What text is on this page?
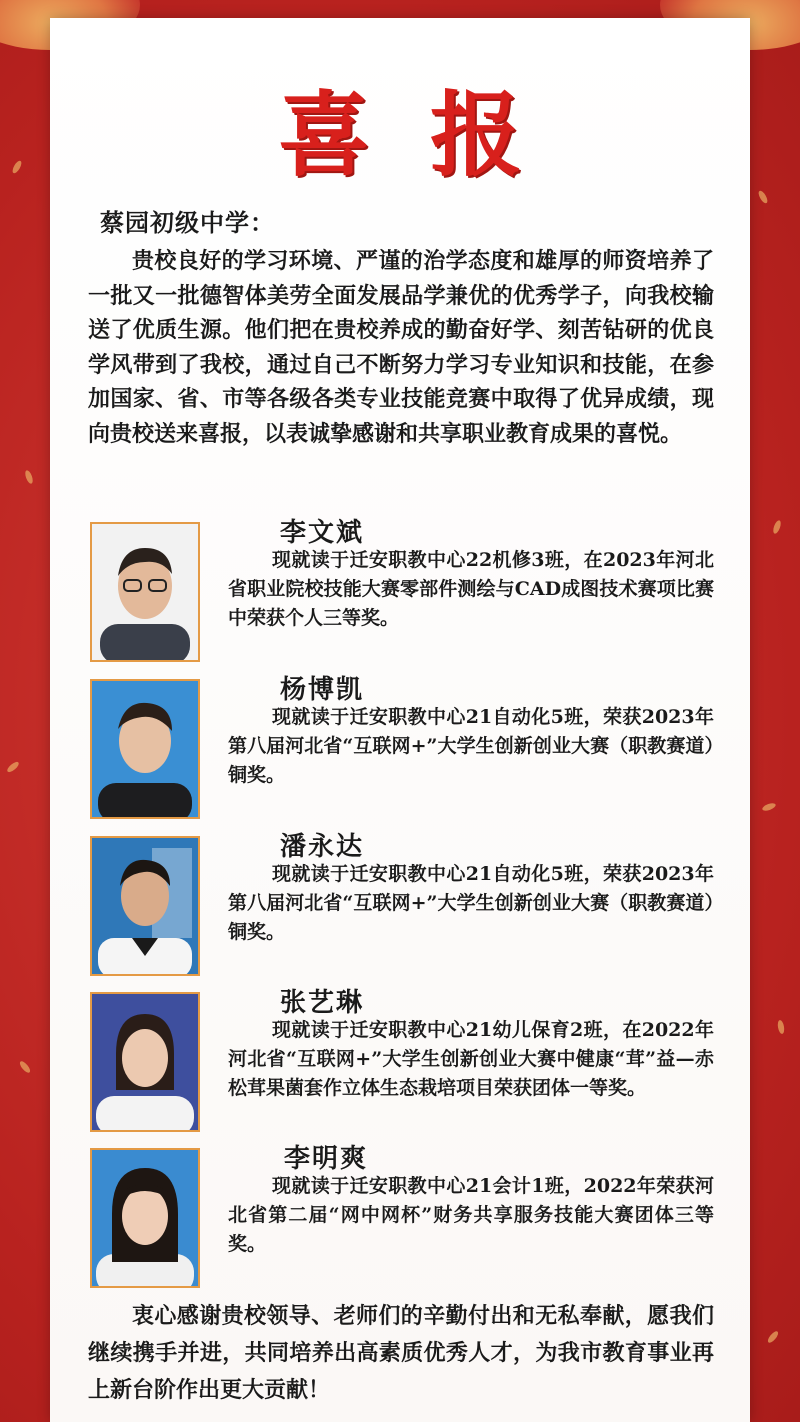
喜报
蔡园初级中学：

贵校良好的学习环境、严谨的治学态度和雄厚的师资培养了一批又一批德智体美劳全面发展品学兼优的优秀学子，向我校输送了优质生源。他们把在贵校养成的勤奋好学、刻苦钻研的优良学风带到了我校，通过自己不断努力学习专业知识和技能，在参加国家、省、市等各级各类专业技能竞赛中取得了优异成绩，现向贵校送来喜报，以表诚挚感谢和共享职业教育成果的喜悦。

李文斌

现就读于迁安职教中心22机修3班，在2023年河北省职业院校技能大赛零部件测绘与CAD成图技术赛项比赛中荣获个人三等奖。

杨博凯

现就读于迁安职教中心21自动化5班，荣获2023年第八届河北省“互联网+”大学生创新创业大赛（职教赛道）铜奖。

潘永达

现就读于迁安职教中心21自动化5班，荣获2023年第八届河北省“互联网+”大学生创新创业大赛（职教赛道）铜奖。

张艺琳

现就读于迁安职教中心21幼儿保育2班，在2022年河北省“互联网+”大学生创新创业大赛中健康“茸”益—赤松茸果菌套作立体生态栽培项目荣获团体一等奖。

李明爽

现就读于迁安职教中心21会计1班，2022年荣获河北省第二届“网中网杯”财务共享服务技能大赛团体三等奖。

衷心感谢贵校领导、老师们的辛勤付出和无私奉献，愿我们继续携手并进，共同培养出高素质优秀人才，为我市教育事业再上新台阶作出更大贡献！
